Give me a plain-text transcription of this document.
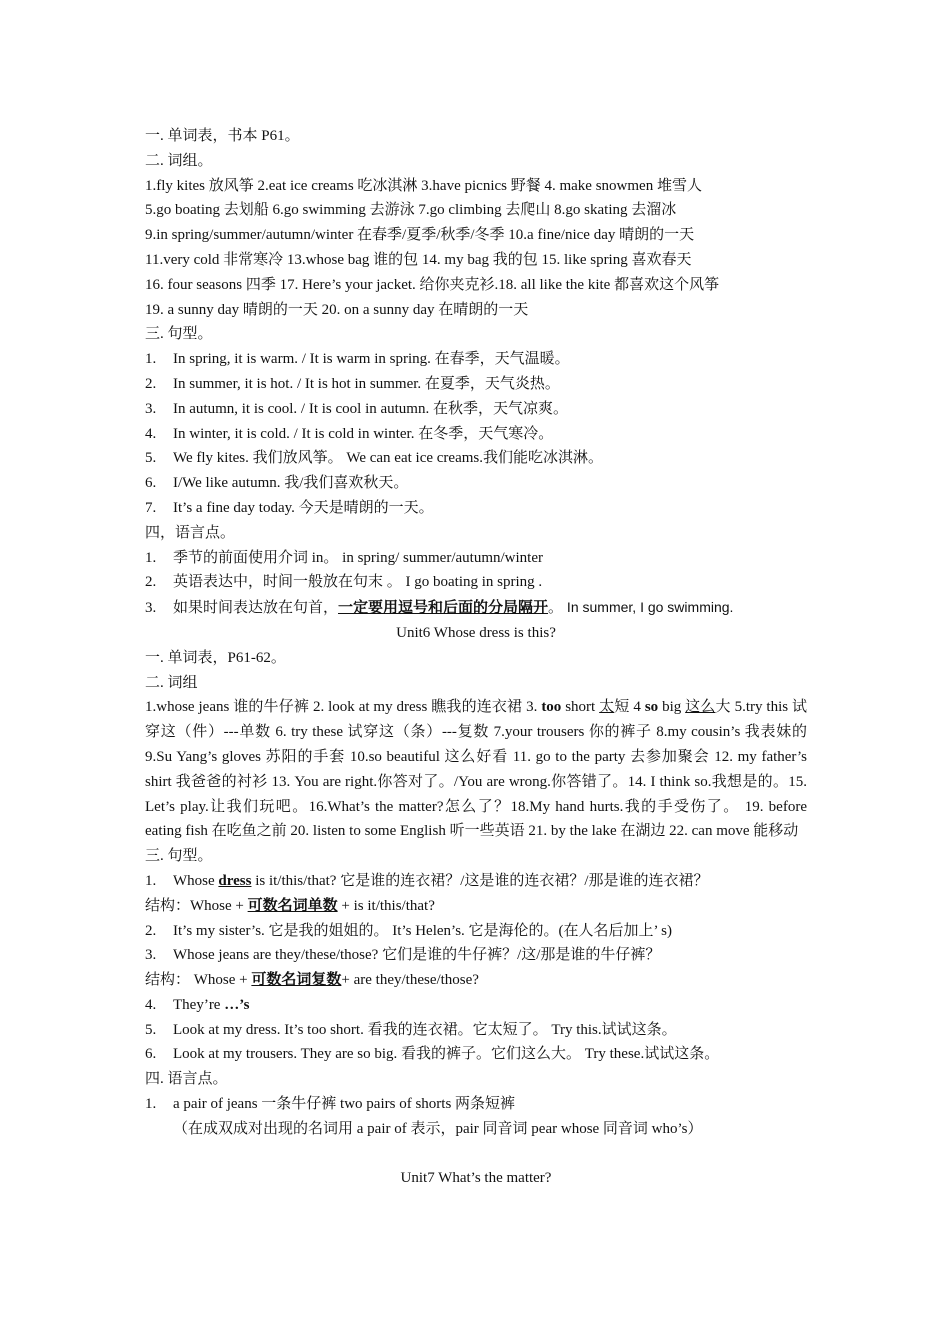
一. 单词表，书本 P61。
二. 词组。
1.fly kites 放风筝 2.eat ice creams 吃冰淇淋 3.have picnics 野餐 4. make snowmen 堆雪人
5.go boating 去划船 6.go swimming 去游泳 7.go climbing 去爬山 8.go skating 去溜冰
9.in spring/summer/autumn/winter 在春季/夏季/秋季/冬季 10.a fine/nice day 晴朗的一天
11.very cold 非常寒冷 13.whose bag 谁的包 14. my bag 我的包 15. like spring 喜欢春天
16. four seasons 四季 17. Here’s your jacket. 给你夹克衫.18. all like the kite 都喜欢这个风筝
19. a sunny day 晴朗的一天 20. on a sunny day 在晴朗的一天
三. 句型。
1. In spring, it is warm. / It is warm in spring. 在春季，天气温暖。
2. In summer, it is hot. / It is hot in summer. 在夏季，天气炎热。
3. In autumn, it is cool. / It is cool in autumn. 在秋季，天气凉爽。
4. In winter, it is cold. / It is cold in winter. 在冬季，天气寒冷。
5. We fly kites. 我们放风筝。 We can eat ice creams.我们能吃冰淇淋。
6. I/We like autumn. 我/我们喜欢秋天。
7. It’s a fine day today. 今天是晴朗的一天。
四，语言点。
1. 季节的前面使用介词 in。 in spring/ summer/autumn/winter
2. 英语表达中，时间一般放在句末 。 I go boating in spring .
3. 如果时间表达放在句首，一定要用逗号和后面的分局隔开。 In summer, I go swimming.
Unit6 Whose dress is this?
一. 单词表，P61-62。
二. 词组
1.whose jeans 谁的牛仔裤 2. look at my dress 瞧我的连衣裙 3. too short 太短 4 so big 这么大 5.try this 试穿这（件）---单数 6. try these 试穿这（条）---复数 7.your trousers 你的裤子 8.my cousin’s 我表妹的 9.Su Yang’s gloves 苏阳的手套 10.so beautiful 这么好看 11. go to the party 去参加聚会 12. my father’s shirt 我爸爸的衬衫 13. You are right.你答对了。/You are wrong.你答错了。14. I think so.我想是的。15. Let’s play.让我们玩吧。16.What’s the matter?怎么了？18.My hand hurts.我的手受伤了。 19. before eating fish 在吃鱼之前 20. listen to some English 听一些英语 21. by the lake 在湖边 22. can move 能移动
三. 句型。
1. Whose dress is it/this/that? 它是谁的连衣裙？/这是谁的连衣裙？/那是谁的连衣裙？
结构：Whose + 可数名词单数 + is it/this/that?
2. It’s my sister’s. 它是我的姐姐的。 It’s Helen’s. 它是海伦的。(在人名后加上’ s)
3. Whose jeans are they/these/those? 它们是谁的牛仔裤？/这/那是谁的牛仔裤？
结构： Whose + 可数名词复数+ are they/these/those?
4. They’re …’s
5. Look at my dress. It’s too short. 看我的连衣裙。它太短了。 Try this.试试这条。
6. Look at my trousers. They are so big. 看我的裤子。它们这么大。 Try these.试试这条。
四. 语言点。
1. a pair of jeans 一条牛仔裤 two pairs of shorts 两条短裤
（在成双成对出现的名词用 a pair of 表示，pair 同音词 pear whose 同音词 who’s）
Unit7 What’s the matter?
